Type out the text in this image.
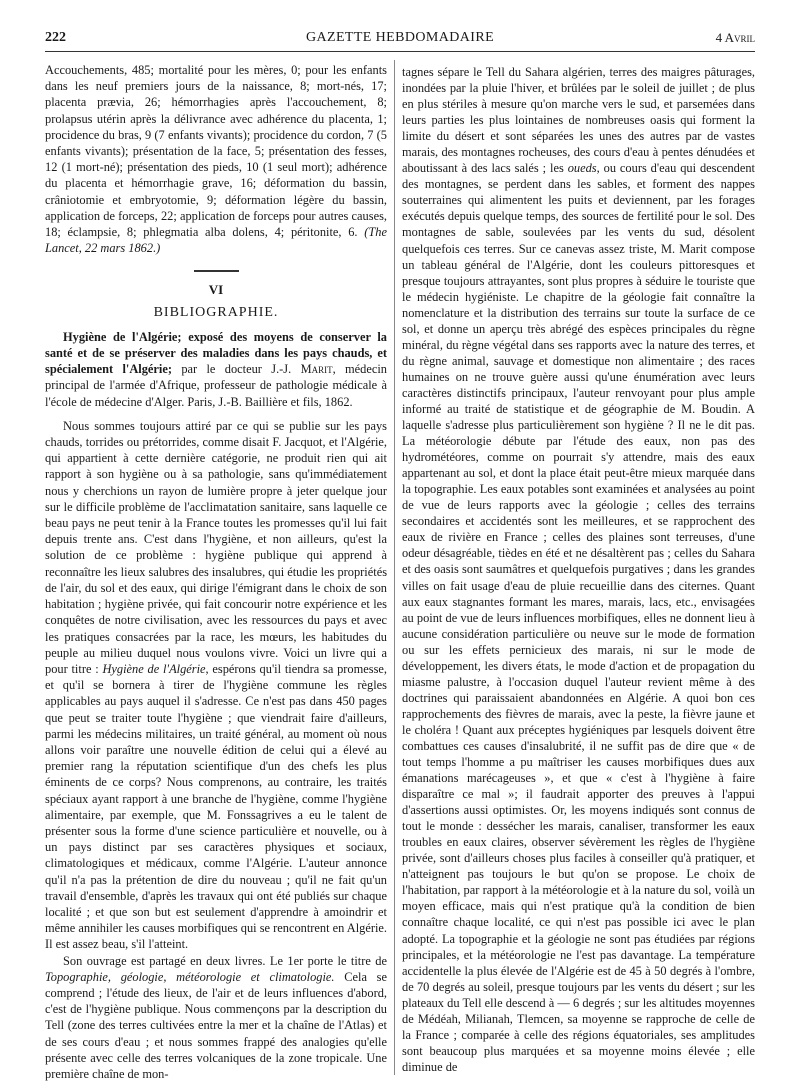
222	GAZETTE HEBDOMADAIRE	4 Avril

Accouchements, 485; mortalité pour les mères, 0; pour les enfants dans les neuf premiers jours de la naissance, 8; mort-nés, 17; placenta prævia, 26; hémorrhagies après l'accouchement, 8; prolapsus utérin après la délivrance avec adhérence du placenta, 1; procidence du bras, 9 (7 enfants vivants); procidence du cordon, 7 (5 enfants vivants); présentation de la face, 5; présentation des fesses, 12 (1 mort-né); présentation des pieds, 10 (1 seul mort); adhérence du placenta et hémorrhagie grave, 16; déformation du bassin, crâniotomie et embryotomie, 9; déformation légère du bassin, application de forceps, 22; application de forceps pour autres causes, 18; éclampsie, 8; phlegmatia alba dolens, 4; péritonite, 6. (The Lancet, 22 mars 1862.)

VI
BIBLIOGRAPHIE.

Hygiène de l'Algérie; exposé des moyens de conserver la santé et de se préserver des maladies dans les pays chauds, et spécialement l'Algérie; par le docteur J.-J. Marit, médecin principal de l'armée d'Afrique, professeur de pathologie médicale à l'école de médecine d'Alger. Paris, J.-B. Baillière et fils, 1862.

Nous sommes toujours attiré par ce qui se publie sur les pays chauds, torrides ou prétorrides, comme disait F. Jacquot, et l'Algérie, qui appartient à cette dernière catégorie, ne produit rien qui ait rapport à son hygiène ou à sa pathologie, sans qu'immédiatement nous y cherchions un rayon de lumière propre à jeter quelque jour sur le difficile problème de l'acclimatation sanitaire, sans laquelle ce beau pays ne peut tenir à la France toutes les promesses qu'il lui fait depuis trente ans. C'est dans l'hygiène, et non ailleurs, qu'est la solution de ce problème : hygiène publique qui apprend à reconnaître les lieux salubres des insalubres, qui étudie les propriétés de l'air, du sol et des eaux, qui dirige l'émigrant dans le choix de son habitation ; hygiène privée, qui fait concourir notre expérience et les conquêtes de notre civilisation, avec les ressources du pays et avec les pratiques consacrées par la race, les mœurs, les habitudes du peuple au milieu duquel nous voulons vivre. Voici un livre qui a pour titre : Hygiène de l'Algérie, espérons qu'il tiendra sa promesse, et qu'il se bornera à tirer de l'hygiène commune les règles applicables au pays auquel il s'adresse. Ce n'est pas dans 450 pages que peut se traiter toute l'hygiène ; que viendrait faire d'ailleurs, parmi les médecins militaires, un traité général, au moment où nous allons voir paraître une nouvelle édition de celui qui a élevé au premier rang la réputation scientifique d'un des chefs les plus éminents de ce corps? Nous comprenons, au contraire, les traités spéciaux ayant rapport à une branche de l'hygiène, comme l'hygiène alimentaire, par exemple, que M. Fonssagrives a eu le talent de présenter sous la forme d'une science particulière et nouvelle, ou à un pays distinct par ses caractères physiques et sociaux, climatologiques et médicaux, comme l'Algérie. L'auteur annonce qu'il n'a pas la prétention de dire du nouveau ; qu'il ne fait qu'un travail d'ensemble, d'après les travaux qui ont été publiés sur chaque localité ; et que son but est seulement d'apprendre à amoindrir et même annihiler les causes morbifiques qui se rencontrent en Algérie. Il est assez beau, s'il l'atteint.

Son ouvrage est partagé en deux livres. Le 1er porte le titre de Topographie, géologie, météorologie et climatologie. Cela se comprend ; l'étude des lieux, de l'air et de leurs influences d'abord, c'est de l'hygiène publique. Nous commençons par la description du Tell (zone des terres cultivées entre la mer et la chaîne de l'Atlas) et de ses cours d'eau ; et nous sommes frappé des analogies qu'elle présente avec celle des terres volcaniques de la zone tropicale. Une première chaîne de mon-

tagnes sépare le Tell du Sahara algérien, terres des maigres pâturages, inondées par la pluie l'hiver, et brûlées par le soleil de juillet ; de plus en plus stériles à mesure qu'on marche vers le sud, et parsemées dans leurs parties les plus lointaines de nombreuses oasis qui forment la limite du désert et sont séparées les unes des autres par de vastes marais, des montagnes rocheuses, des cours d'eau à pentes dénudées et aboutissant à des lacs salés ; les oueds, ou cours d'eau qui descendent des montagnes, se perdent dans les sables, et forment des nappes souterraines qui alimentent les puits et deviennent, par les forages exécutés depuis quelque temps, des sources de fertilité pour le sol. Des montagnes de sable, soulevées par les vents du sud, désolent quelquefois ces terres. Sur ce canevas assez triste, M. Marit compose un tableau général de l'Algérie, dont les couleurs pittoresques et presque toujours attrayantes, sont plus propres à séduire le touriste que le médecin hygiéniste. Le chapitre de la géologie fait connaître la nomenclature et la distribution des terrains sur toute la surface de ce sol, et donne un aperçu très abrégé des espèces principales du règne minéral, du règne végétal dans ses rapports avec la nature des terres, et du règne animal, sauvage et domestique non alimentaire ; des races humaines on ne trouve guère aussi qu'une énumération avec leurs caractères distinctifs principaux, l'auteur renvoyant pour plus ample informé au traité de statistique et de géographie de M. Boudin. A laquelle s'adresse plus particulièrement son hygiène ? Il ne le dit pas. La météorologie débute par l'étude des eaux, non pas des hydrométéores, comme on pourrait s'y attendre, mais des eaux appartenant au sol, et dont la place était peut-être mieux marquée dans la topographie. Les eaux potables sont examinées et analysées au point de vue de leurs rapports avec la géologie ; celles des terrains secondaires et accidentés sont les meilleures, et se rapprochent des eaux de rivière en France ; celles des plaines sont terreuses, d'une odeur désagréable, tièdes en été et ne désaltèrent pas ; celles du Sahara et des oasis sont saumâtres et quelquefois purgatives ; dans les grandes villes on fait usage d'eau de pluie recueillie dans des citernes. Quant aux eaux stagnantes formant les mares, marais, lacs, etc., envisagées au point de vue de leurs influences morbifiques, elles ne donnent lieu à aucune considération particulière ou neuve sur le mode de formation ou sur les effets pernicieux des marais, ni sur le mode de développement, les divers états, le mode d'action et de propagation du miasme palustre, à l'occasion duquel l'auteur revient même à des doctrines qui paraissaient abandonnées en Algérie. A quoi bon ces rapprochements des fièvres de marais, avec la peste, la fièvre jaune et le choléra ! Quant aux préceptes hygiéniques par lesquels doivent être combattues ces causes d'insalubrité, il ne suffit pas de dire que « de tout temps l'homme a pu maîtriser les causes morbifiques dues aux émanations marécageuses », et que « c'est à l'hygiène à faire disparaître ce mal »; il faudrait apporter des preuves à l'appui d'assertions aussi optimistes. Or, les moyens indiqués sont connus de tout le monde : dessécher les marais, canaliser, transformer les eaux troubles en eaux claires, observer sévèrement les règles de l'hygiène privée, sont d'ailleurs choses plus faciles à conseiller qu'à pratiquer, et n'atteignent pas toujours le but qu'on se propose. Le choix de l'habitation, par rapport à la météorologie et à la nature du sol, voilà un moyen efficace, mais qui n'est pratique qu'à la condition de bien connaître chaque localité, ce qui n'est pas possible ici avec le plan adopté. La topographie et la géologie ne sont pas étudiées par régions principales, et la météorologie ne l'est pas davantage. La température accidentelle la plus élevée de l'Algérie est de 45 à 50 degrés à l'ombre, de 70 degrés au soleil, presque toujours par les vents du désert ; sur les plateaux du Tell elle descend à — 6 degrés ; sur les altitudes moyennes de Médéah, Milianah, Tlemcen, sa moyenne se rapproche de celle de la France ; comparée à celle des régions équatoriales, ses amplitudes sont beaucoup plus marquées et sa moyenne moins élevée ; elle diminue de
